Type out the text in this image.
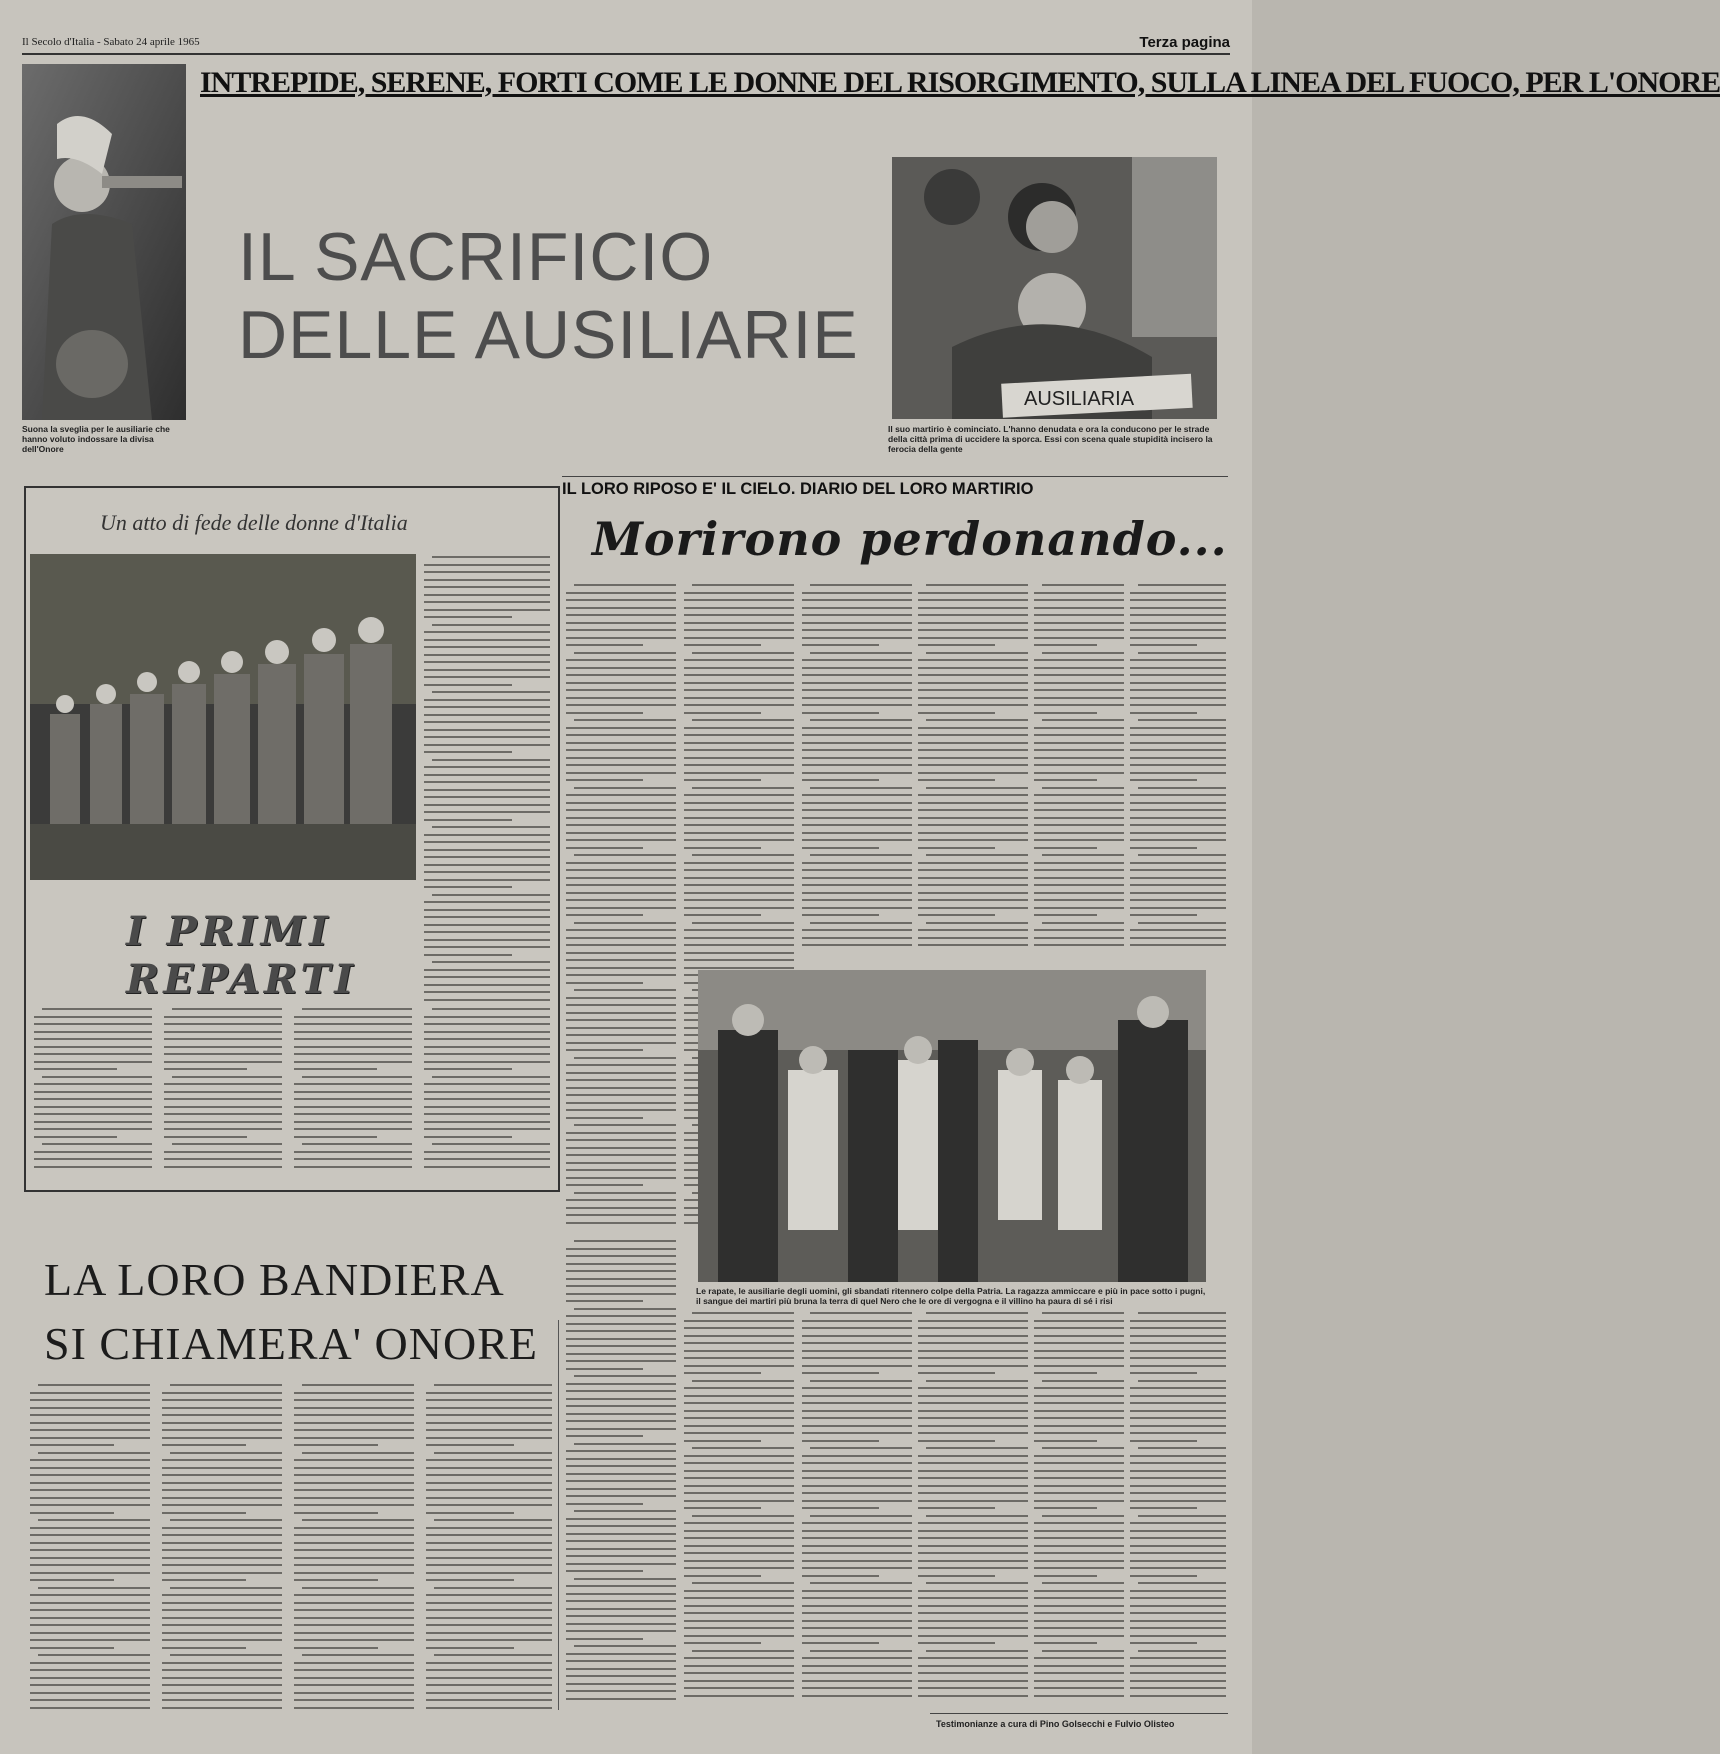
Il Secolo d'Italia - Sabato 24 aprile 1965	Terza pagina
Suona la sveglia per le ausiliarie che hanno voluto indossare la divisa dell'Onore
INTREPIDE, SERENE, FORTI COME LE DONNE DEL RISORGIMENTO, SULLA LINEA DEL FUOCO, PER L'ONORE
IL SACRIFICIO
DELLE AUSILIARIE
AUSILIARIA
Il suo martirio è cominciato. L'hanno denudata e ora la conducono per le strade della città prima di uccidere la sporca. Essi con scena quale stupidità incisero la ferocia della gente
Un atto di fede delle donne d'Italia
I PRIMI
REPARTI
IL LORO RIPOSO E' IL CIELO. DIARIO DEL LORO MARTIRIO
Morirono perdonando...
Le rapate, le ausiliarie degli uomini, gli sbandati ritennero colpe della Patria. La ragazza ammiccare e più in pace sotto i pugni, il sangue dei martiri più bruna la terra di quel Nero che le ore di vergogna e il villino ha paura di sé i risi
LA LORO BANDIERA
SI CHIAMERA' ONORE
Testimonianze a cura di Pino Golsecchi e Fulvio Olisteo
